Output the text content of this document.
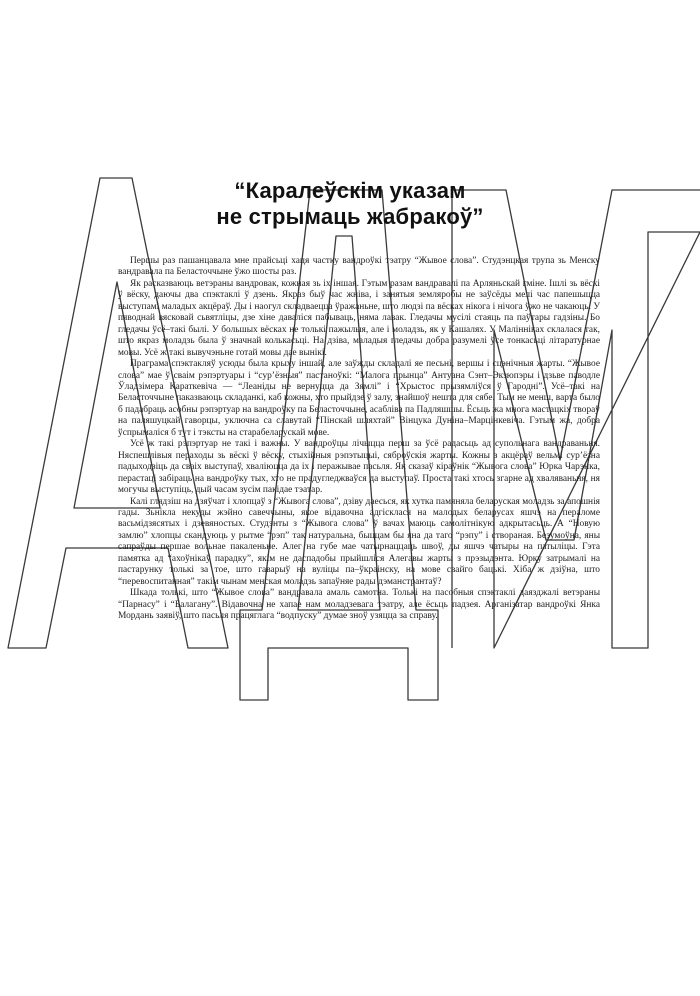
“Каралеўскім указам
не стрымаць жабракоў”

Першы раз пашанцавала мне прайсьці хаця частку вандроўкі тэатру “Жывое слова”. Студэнцкая трупа зь Менску вандравала па Беласточчыне ўжо шосты раз.

Як расказваюць ветэраны вандровак, кожная зь іх іншая. Гэтым разам вандравалі па Арляньскай гміне. Ішлі зь вёскі ў вёску, даючы два спэктаклі ў дзень. Якраз быў час жніва, і занятыя земляробы не заўсёды мелі час папешыцца выступамі маладых акцёраў. Ды і наогул складваецца ўражаньне, што людзі па вёсках нікога і нічога ўжо не чакаюць. У пяводнай вясковай сьвятліцы, дзе хіне даваліся пабываць, няма лавак. Гледачы мусілі стаяць па паўтары гадзіны. Бо гледачы ўсё–такі былі. У большых вёсках не толькі пажылыя, але і моладзь, як у Кашалях. У Малінніках склалася так, што якраз моладзь была ў значнай колькасьці. На дзіва, маладыя гледачы добра разумелі ўсе тонкасьці літаратурнае мовы. Усё ж такі вывучэньне готай мовы дае вынікі.

Праграма спэктакляў усюды была крыху іншай, але заўжды складалі яе песьні, вершы і сцэнічныя жарты. “Жывое слова” мае ў сваім рэпэртуары і “сур’ёзныя” пастаноўкі: “Малога прынца” Антуана Сэнт–Экзюпэры і дзьве паводле Ўладзімера Караткевіча — “Леаніды не вернуцца да Зямлі” і “Хрыстос прызямліўся ў Гародні”. Усё–такі на Беласточчыне паказваюць складанкі, каб кожны, хто прыйдзе ў залу, знайшоў нешта для сябе. Тым не менш, варта было б падабраць асобны рэпэртуар на вандроўку па Беласточчыне, асабліва па Падляшшы. Ёсьць жа многа мастацкіх твораў на паляшуцкай гаворцы, уключна са славутай “Пінскай шляхтай” Вінцука Дуніна–Марцінкевіча. Гэтым жа, добра ўспрымаліся б тут і тэксты на старабеларускай мове.

Усё ж такі рэпэртуар не такі і важны. У вандроўцы лічыцца перш за ўсё радасьць ад супольнага вандраваньня. Няспешлівыя пераходы зь вёскі ў вёску, стыхійныя рэпэтыцыі, сяброўскія жарты. Кожны з акцёраў вельмі сур’ёзна падыходзіць да сваіх выступаў, хваліюцца да іх і перажывае пасьля. Як сказаў кіраўнік “Жывога слова” Юрка Чарэнка, перастаці забіраць на вандроўку тых, хто не прадугледжваўся да выступаў. Проста такі хтось згарне ад хваляваньня, ня могучы выступіць, дый часам зусім пакідае тэатар.

Калі глядзіш на дзяўчат і хлопцаў з “Жывога слова”, дзіву даесься, як хутка памяняла беларуская моладзь за апошнія гады. Зьнікла некуды жэйно савеччыны, якое відавочна адгісклася на малодых беларусах яшчэ на пераломе васьмідзясятых і дзевяностых. Студэнты з “Жывога слова” ў вачах маюць самолітнікую адкрытасьць. А “Новую замлю” хлопцы скандуюць у рытме “рэп” так натуральна, быццам бы яна да таго “рэпу” і створаная. Безумоўна, яны сапраўды першае вольнае пакаленьне. Алег на губе мае чатырнаццаць швоў, ды яшчэ чатыры на патыліцы. Гэта памятка ад “ахоўнікаў парадку”, якім не даспадобы прыйшліся Алегавы жарты з прэзыдэнта. Юрку затрымалі на пастарунку толькі за тое, што гаварыў на вуліцы па–ўкраінску, на мове свайго бацькі. Хіба ж дзіўна, што “перевоспитанная” такім чынам менская моладзь запаўняе рады дэманстрантаў?

Шкада толькі, што “Жывое слова” вандравала амаль самотна. Толькі на пасобныя спэктаклі даязджалі ветэраны “Парнасу” і “Балагану”. Відавочна не хапае нам моладзевага тэатру, але ёсьць падзея. Арганізатар вандроўкі Янка Мордань заявіў, што пасьля працяглага “водпуску” думае зноў узяцца за справу.
